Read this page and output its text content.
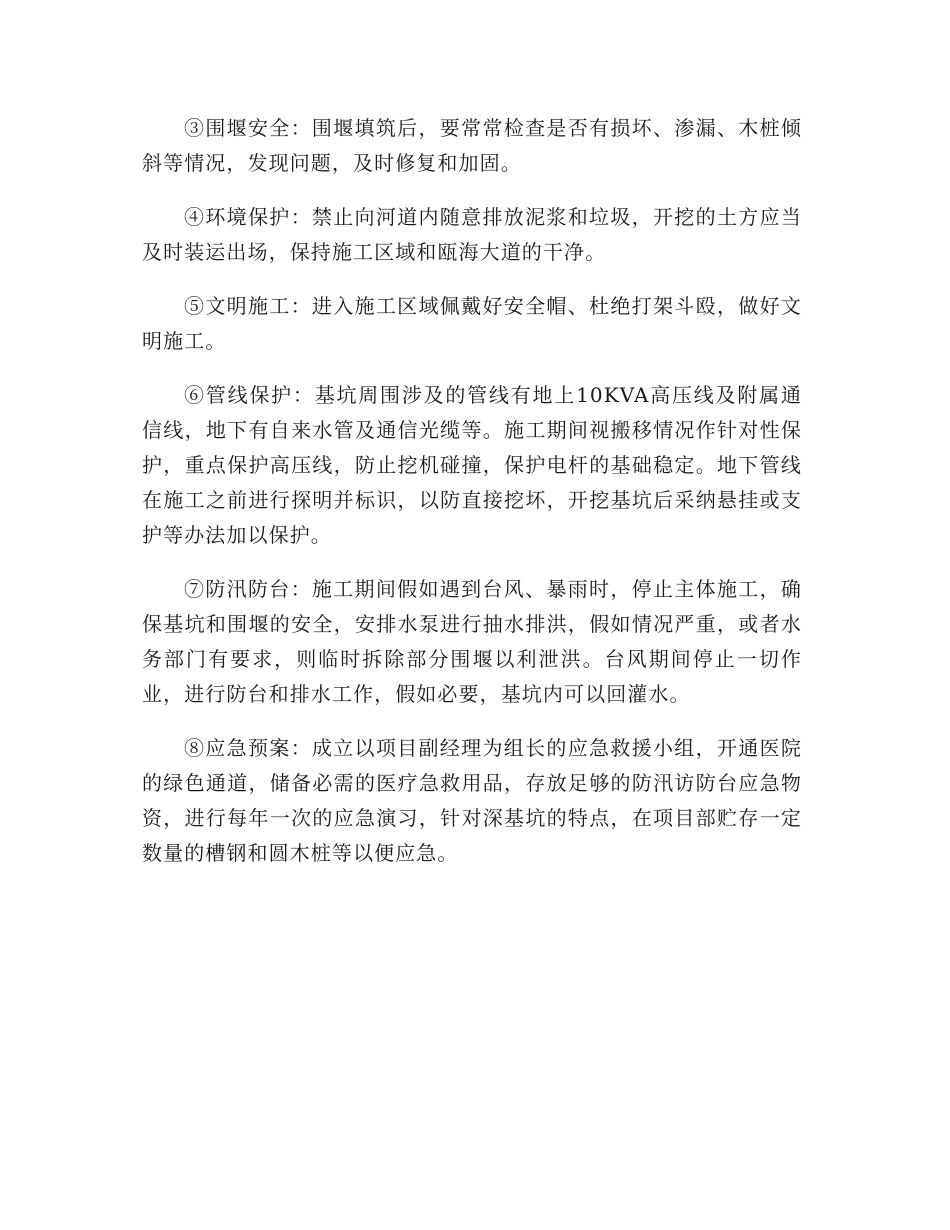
③围堰安全：围堰填筑后，要常常检查是否有损坏、渗漏、木桩倾斜等情况，发现问题，及时修复和加固。

④环境保护：禁止向河道内随意排放泥浆和垃圾，开挖的土方应当及时装运出场，保持施工区域和瓯海大道的干净。

⑤文明施工：进入施工区域佩戴好安全帽、杜绝打架斗殴，做好文明施工。

⑥管线保护：基坑周围涉及的管线有地上10KVA高压线及附属通信线，地下有自来水管及通信光缆等。施工期间视搬移情况作针对性保护，重点保护高压线，防止挖机碰撞，保护电杆的基础稳定。地下管线在施工之前进行探明并标识，以防直接挖坏，开挖基坑后采纳悬挂或支护等办法加以保护。

⑦防汛防台：施工期间假如遇到台风、暴雨时，停止主体施工，确保基坑和围堰的安全，安排水泵进行抽水排洪，假如情况严重，或者水务部门有要求，则临时拆除部分围堰以利泄洪。台风期间停止一切作业，进行防台和排水工作，假如必要，基坑内可以回灌水。

⑧应急预案：成立以项目副经理为组长的应急救援小组，开通医院的绿色通道，储备必需的医疗急救用品，存放足够的防汛访防台应急物资，进行每年一次的应急演习，针对深基坑的特点，在项目部贮存一定数量的槽钢和圆木桩等以便应急。
